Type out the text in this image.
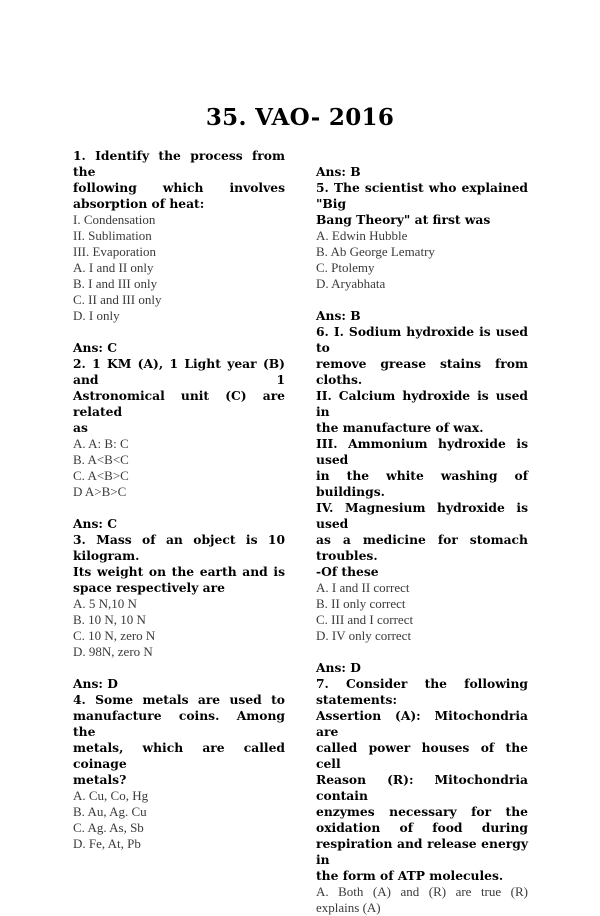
35. VAO- 2016
1. Identify the process from the
following which involves
absorption of heat:
I. Condensation
II. Sublimation
III. Evaporation
A. I and II only
B. I and III only
C. II and III only
D. I only
Ans: C
2. 1 KM (A), 1 Light year (B) and 1
Astronomical unit (C) are related
as
A. A: B: C
B. A<B<C
C. A<B>C
D A>B>C
Ans: C
3. Mass of an object is 10 kilogram.
Its weight on the earth and is
space respectively are
A. 5 N,10 N
B. 10 N, 10 N
C. 10 N, zero N
D. 98N, zero N
Ans: D
4. Some metals are used to
manufacture coins. Among the
metals, which are called coinage
metals?
A. Cu, Co, Hg
B. Au, Ag. Cu
C. Ag. As, Sb
D. Fe, At, Pb
Ans: B
5. The scientist who explained "Big
Bang Theory" at first was
A. Edwin Hubble
B. Ab George Lematry
C. Ptolemy
D. Aryabhata
Ans: B
6. I. Sodium hydroxide is used to
remove grease stains from cloths.
II. Calcium hydroxide is used in
the manufacture of wax.
III. Ammonium hydroxide is used
in the white washing of buildings.
IV. Magnesium hydroxide is used
as a medicine for stomach
troubles.
-Of these
A. I and II correct
B. II only correct
C. III and I correct
D. IV only correct
Ans: D
7. Consider the following
statements:
Assertion (A): Mitochondria are
called power houses of the cell
Reason (R): Mitochondria contain
enzymes necessary for the
oxidation of food during
respiration and release energy in
the form of ATP molecules.
A. Both (A) and (R) are true (R) explains (A)
